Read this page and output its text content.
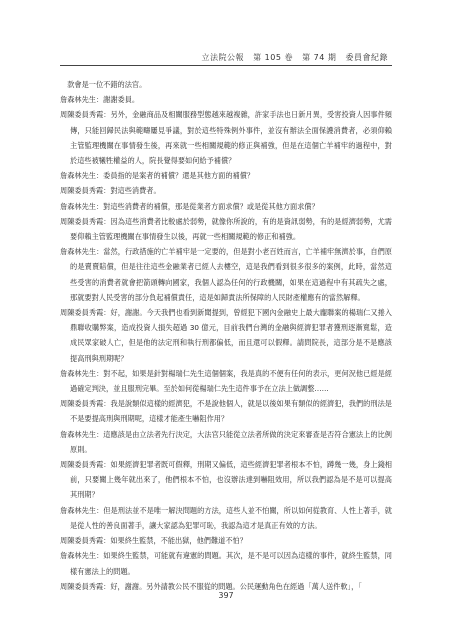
立法院公報 第 105 卷 第 74 期 委員會紀錄

　款會是一位不錯的法官。

詹森林先生：謝謝委員。

周陳委員秀霞：另外，金融商品及相關服務型態越來越複雜，許家手法也日新月異，受害投資人因事件頻傳，只能回歸民法與範疇屢見爭議，對於這些特殊例外事件，並沒有辦法全面保護消費者，必須仰賴主管監理機關在事情發生後，再來就一些相關規範的修正與補強，但是在這個亡羊補牢的過程中，對於這些被犧牲權益的人，院長覺得要如何給予補償？

詹森林先生：委員指的是案者的補償？還是其他方面的補償？

周陳委員秀霞：對這些消費者。

詹森林先生：對這些消費者的補償，那是從業者方面求償？或是從其他方面求償？

周陳委員秀霞：因為這些消費者比較處於弱勢，就像你所說的，有的是資訊弱勢，有的是經濟弱勢，尤需要仰賴主管監理機關在事情發生以後，再就一些相關規範的修正和補強。

詹森林先生：當然，行政措施的亡羊補牢是一定要的，但是對小老百姓而言，亡羊補牢無濟於事，自們原的是賣賣賠償，但是往往這些金融業者已經人去樓空，這是我們看到很多很多的案例，此時，當然這些受害的消費者就會把箭頭轉向國家，我個人認為任何的行政機關，如果在這過程中有其疏失之處，那就要對人民受害的部分負起補償責任，這是如歸責法所保障的人民財產權應有的當然解釋。

周陳委員秀霞：好，謝謝。今天我們也看到新聞提到，曾經犯下國內金融史上最大龐聯案的楊瑞仁又捲入鼎聯收購弊案，造成投資人損失超過 30 億元，目前我們台灣的金融與經濟犯罪者獲刑逐漸寬鬆，造成民眾家破人亡，但是他的法定刑和執行刑都偏低，而且還可以假釋。請問院長，這部分是不是應該提高刑與刑期呢？

詹森林先生：對不起，如果是針對楊瑞仁先生這個個案，我是真的不便有任何的表示，更何況他已經是經過確定判決，並且服刑完畢。至於如何從楊瑞仁先生這件事予在立法上做調整……

周陳委員秀霞：我是說類似這樣的經濟犯，不是說他個人，就是以後如果有類似的經濟犯，我們的刑法是不是要提高刑與刑期呢，這樣才能產生嚇阻作用？

詹森林先生：這應該是由立法者先行決定，大法官只能從立法者所做的決定來審查是否符合憲法上的比例原則。

周陳委員秀霞：如果經濟犯罪者既可假釋，刑期又偏低，這些經濟犯罪者根本不怕，蹲幾一幾，身上錢相前，只要關上幾年就出來了，他們根本不怕，也沒辦法達到嚇阻效用，所以我們認為是不是可以提高其刑期？

詹森林先生：但是刑法並不是唯一解決問題的方法，這些人並不怕關，所以如何從教育、人性上著手，就是從人性的善良面著手，讓大家認為犯罪可恥，我認為這才是真正有效的方法。

周陳委員秀霞：如果終生監禁，不能出獄，他們難道不怕？

詹森林先生：如果終生監禁，可能就有違憲的問題。其次，是不是可以因為這樣的事件，就終生監禁，同樣有憲法上的問題。

周陳委員秀霞：好，謝謝。另外請教公民不服從的問題。公民運動角色在經過「萬人送件軟」，「

397
